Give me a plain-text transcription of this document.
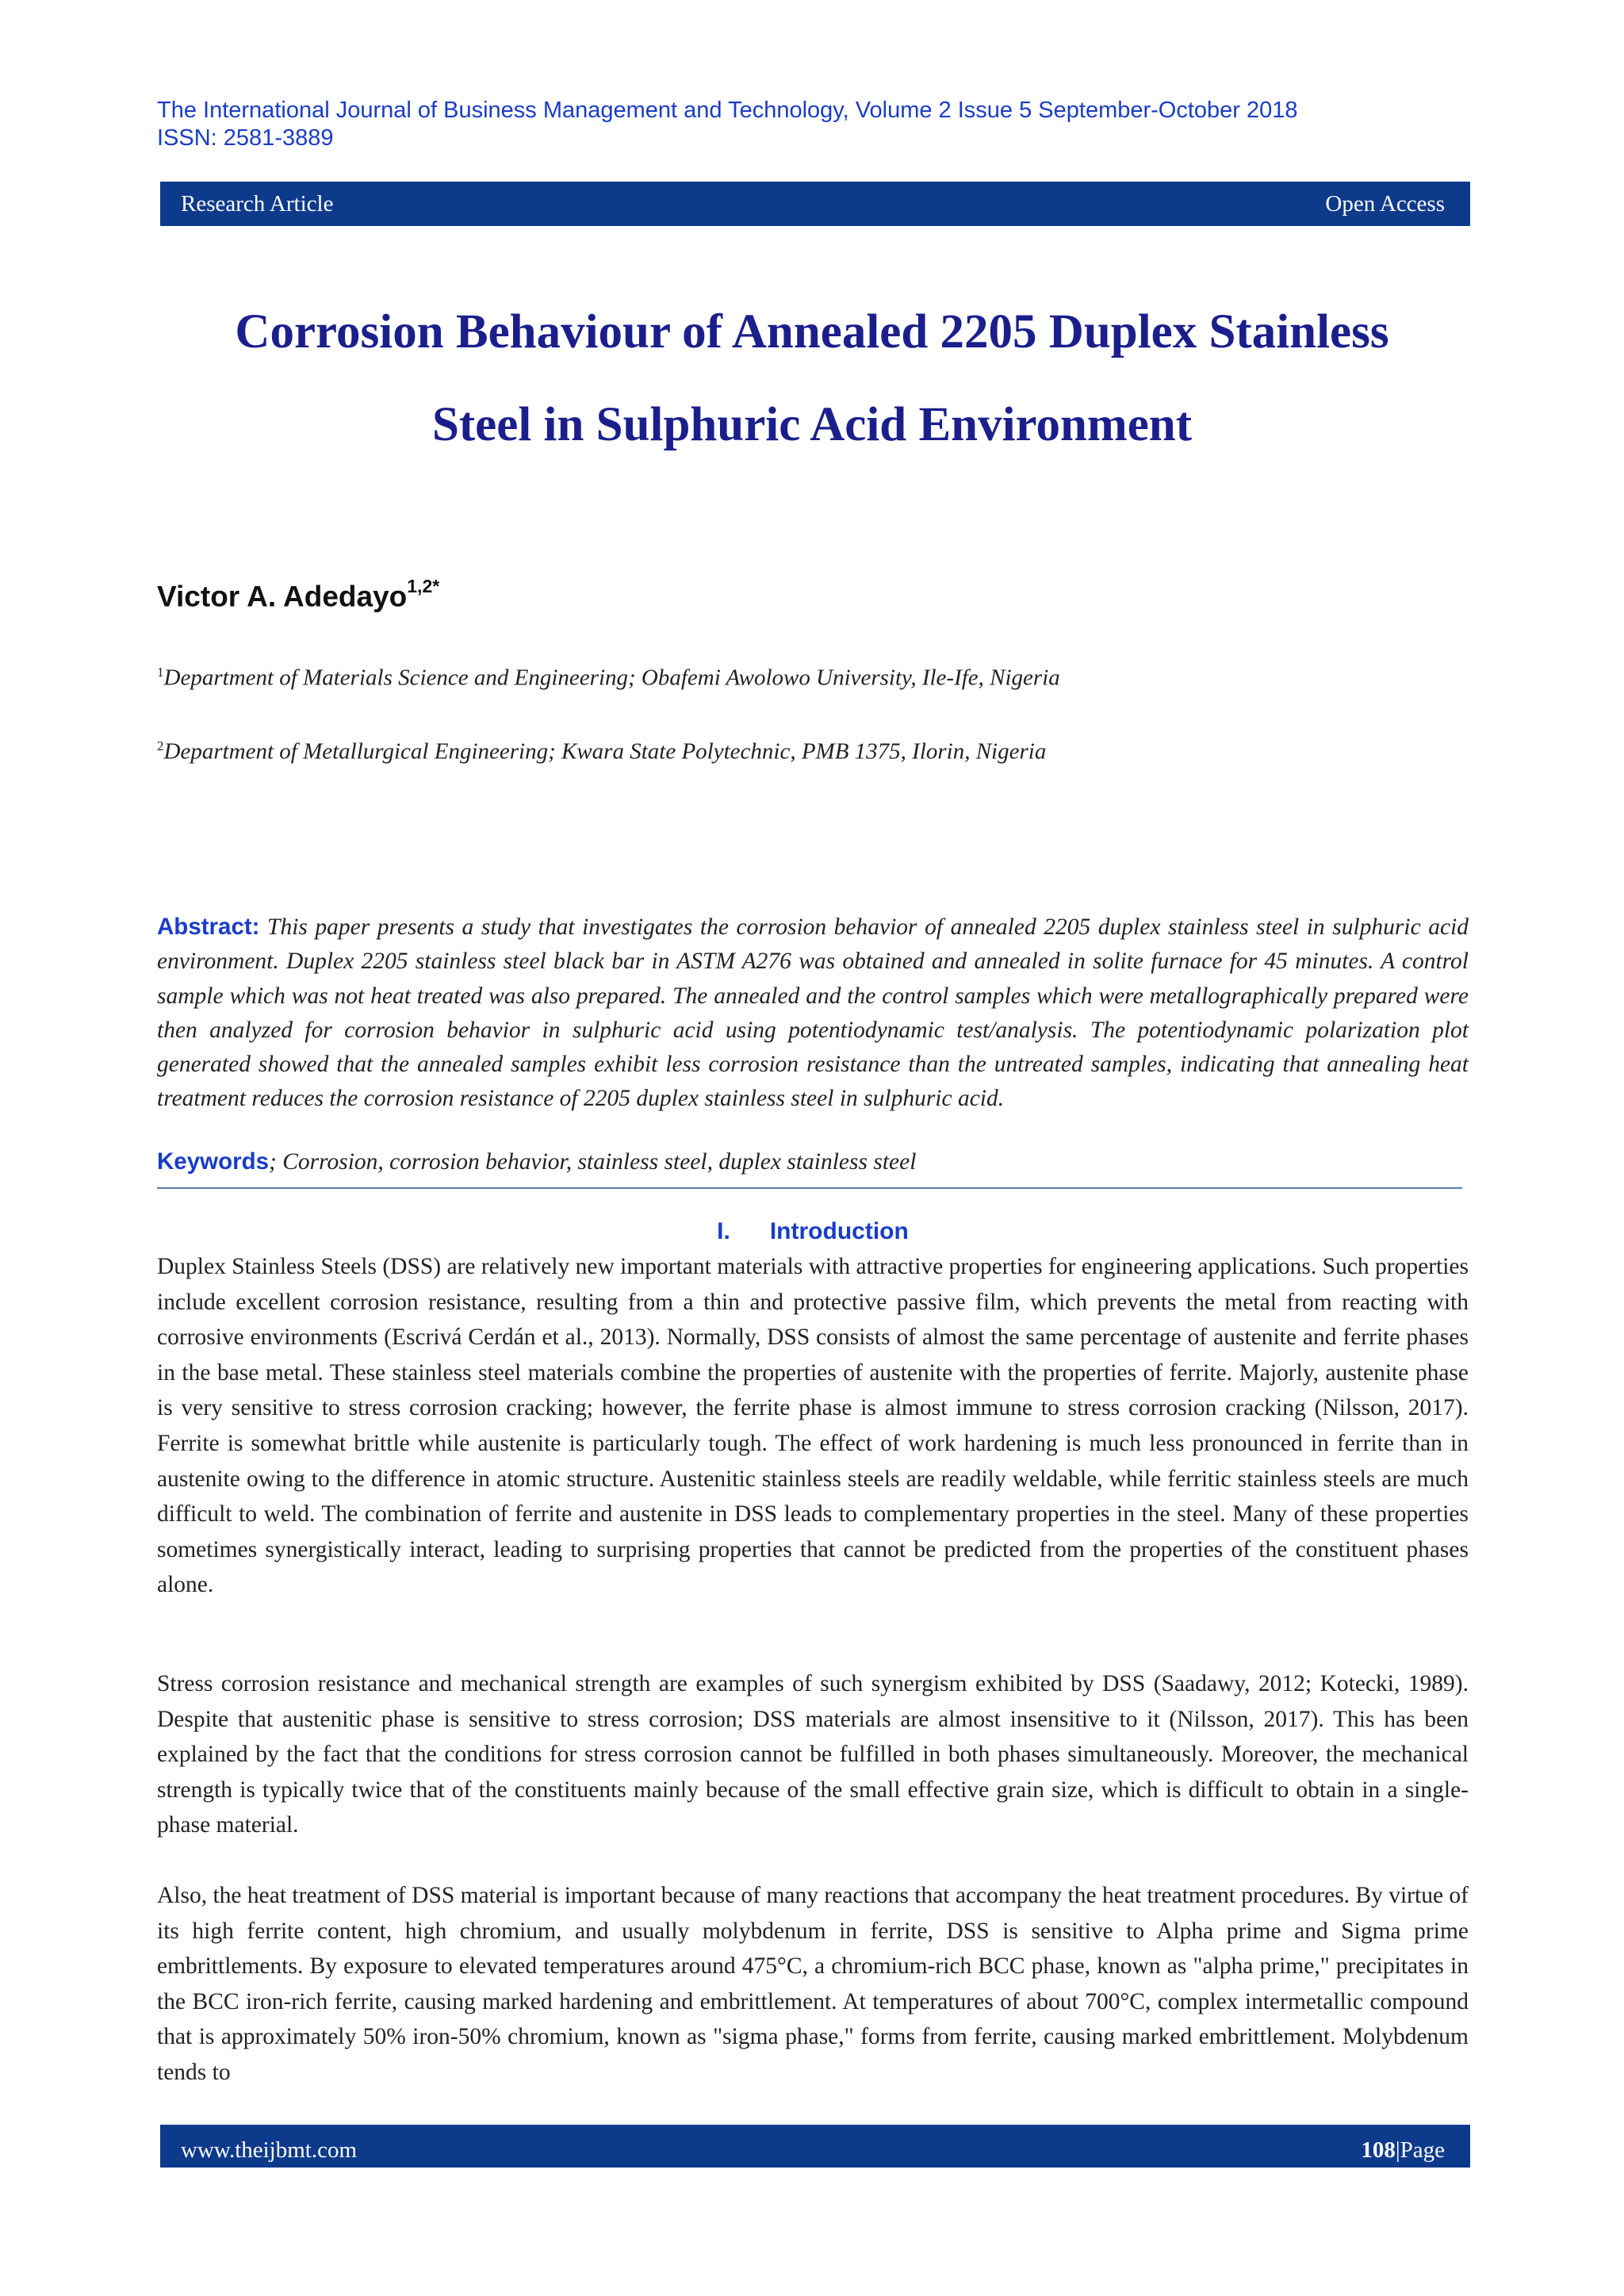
The International Journal of Business Management and Technology, Volume 2 Issue 5 September-October 2018
ISSN: 2581-3889
Research Article	Open Access
Corrosion Behaviour of Annealed 2205 Duplex Stainless
Steel in Sulphuric Acid Environment
Victor A. Adedayo$^{1,2*}$
$^1$Department of Materials Science and Engineering; Obafemi Awolowo University, Ile-Ife, Nigeria
$^2$Department of Metallurgical Engineering; Kwara State Polytechnic, PMB 1375, Ilorin, Nigeria
Abstract: This paper presents a study that investigates the corrosion behavior of annealed 2205 duplex stainless steel in sulphuric acid environment. Duplex 2205 stainless steel black bar in ASTM A276 was obtained and annealed in solite furnace for 45 minutes. A control sample which was not heat treated was also prepared. The annealed and the control samples which were metallographically prepared were then analyzed for corrosion behavior in sulphuric acid using potentiodynamic test/analysis. The potentiodynamic polarization plot generated showed that the annealed samples exhibit less corrosion resistance than the untreated samples, indicating that annealing heat treatment reduces the corrosion resistance of 2205 duplex stainless steel in sulphuric acid.
Keywords; Corrosion, corrosion behavior, stainless steel, duplex stainless steel
I. Introduction
Duplex Stainless Steels (DSS) are relatively new important materials with attractive properties for engineering applications. Such properties include excellent corrosion resistance, resulting from a thin and protective passive film, which prevents the metal from reacting with corrosive environments (Escrivá Cerdán et al., 2013). Normally, DSS consists of almost the same percentage of austenite and ferrite phases in the base metal. These stainless steel materials combine the properties of austenite with the properties of ferrite. Majorly, austenite phase is very sensitive to stress corrosion cracking; however, the ferrite phase is almost immune to stress corrosion cracking (Nilsson, 2017). Ferrite is somewhat brittle while austenite is particularly tough. The effect of work hardening is much less pronounced in ferrite than in austenite owing to the difference in atomic structure. Austenitic stainless steels are readily weldable, while ferritic stainless steels are much difficult to weld. The combination of ferrite and austenite in DSS leads to complementary properties in the steel. Many of these properties sometimes synergistically interact, leading to surprising properties that cannot be predicted from the properties of the constituent phases alone.
Stress corrosion resistance and mechanical strength are examples of such synergism exhibited by DSS (Saadawy, 2012; Kotecki, 1989). Despite that austenitic phase is sensitive to stress corrosion; DSS materials are almost insensitive to it (Nilsson, 2017). This has been explained by the fact that the conditions for stress corrosion cannot be fulfilled in both phases simultaneously. Moreover, the mechanical strength is typically twice that of the constituents mainly because of the small effective grain size, which is difficult to obtain in a single-phase material.
Also, the heat treatment of DSS material is important because of many reactions that accompany the heat treatment procedures. By virtue of its high ferrite content, high chromium, and usually molybdenum in ferrite, DSS is sensitive to Alpha prime and Sigma prime embrittlements. By exposure to elevated temperatures around 475°C, a chromium-rich BCC phase, known as "alpha prime," precipitates in the BCC iron-rich ferrite, causing marked hardening and embrittlement. At temperatures of about 700°C, complex intermetallic compound that is approximately 50% iron-50% chromium, known as "sigma phase," forms from ferrite, causing marked embrittlement. Molybdenum tends to
www.theijbmt.com	108|Page
